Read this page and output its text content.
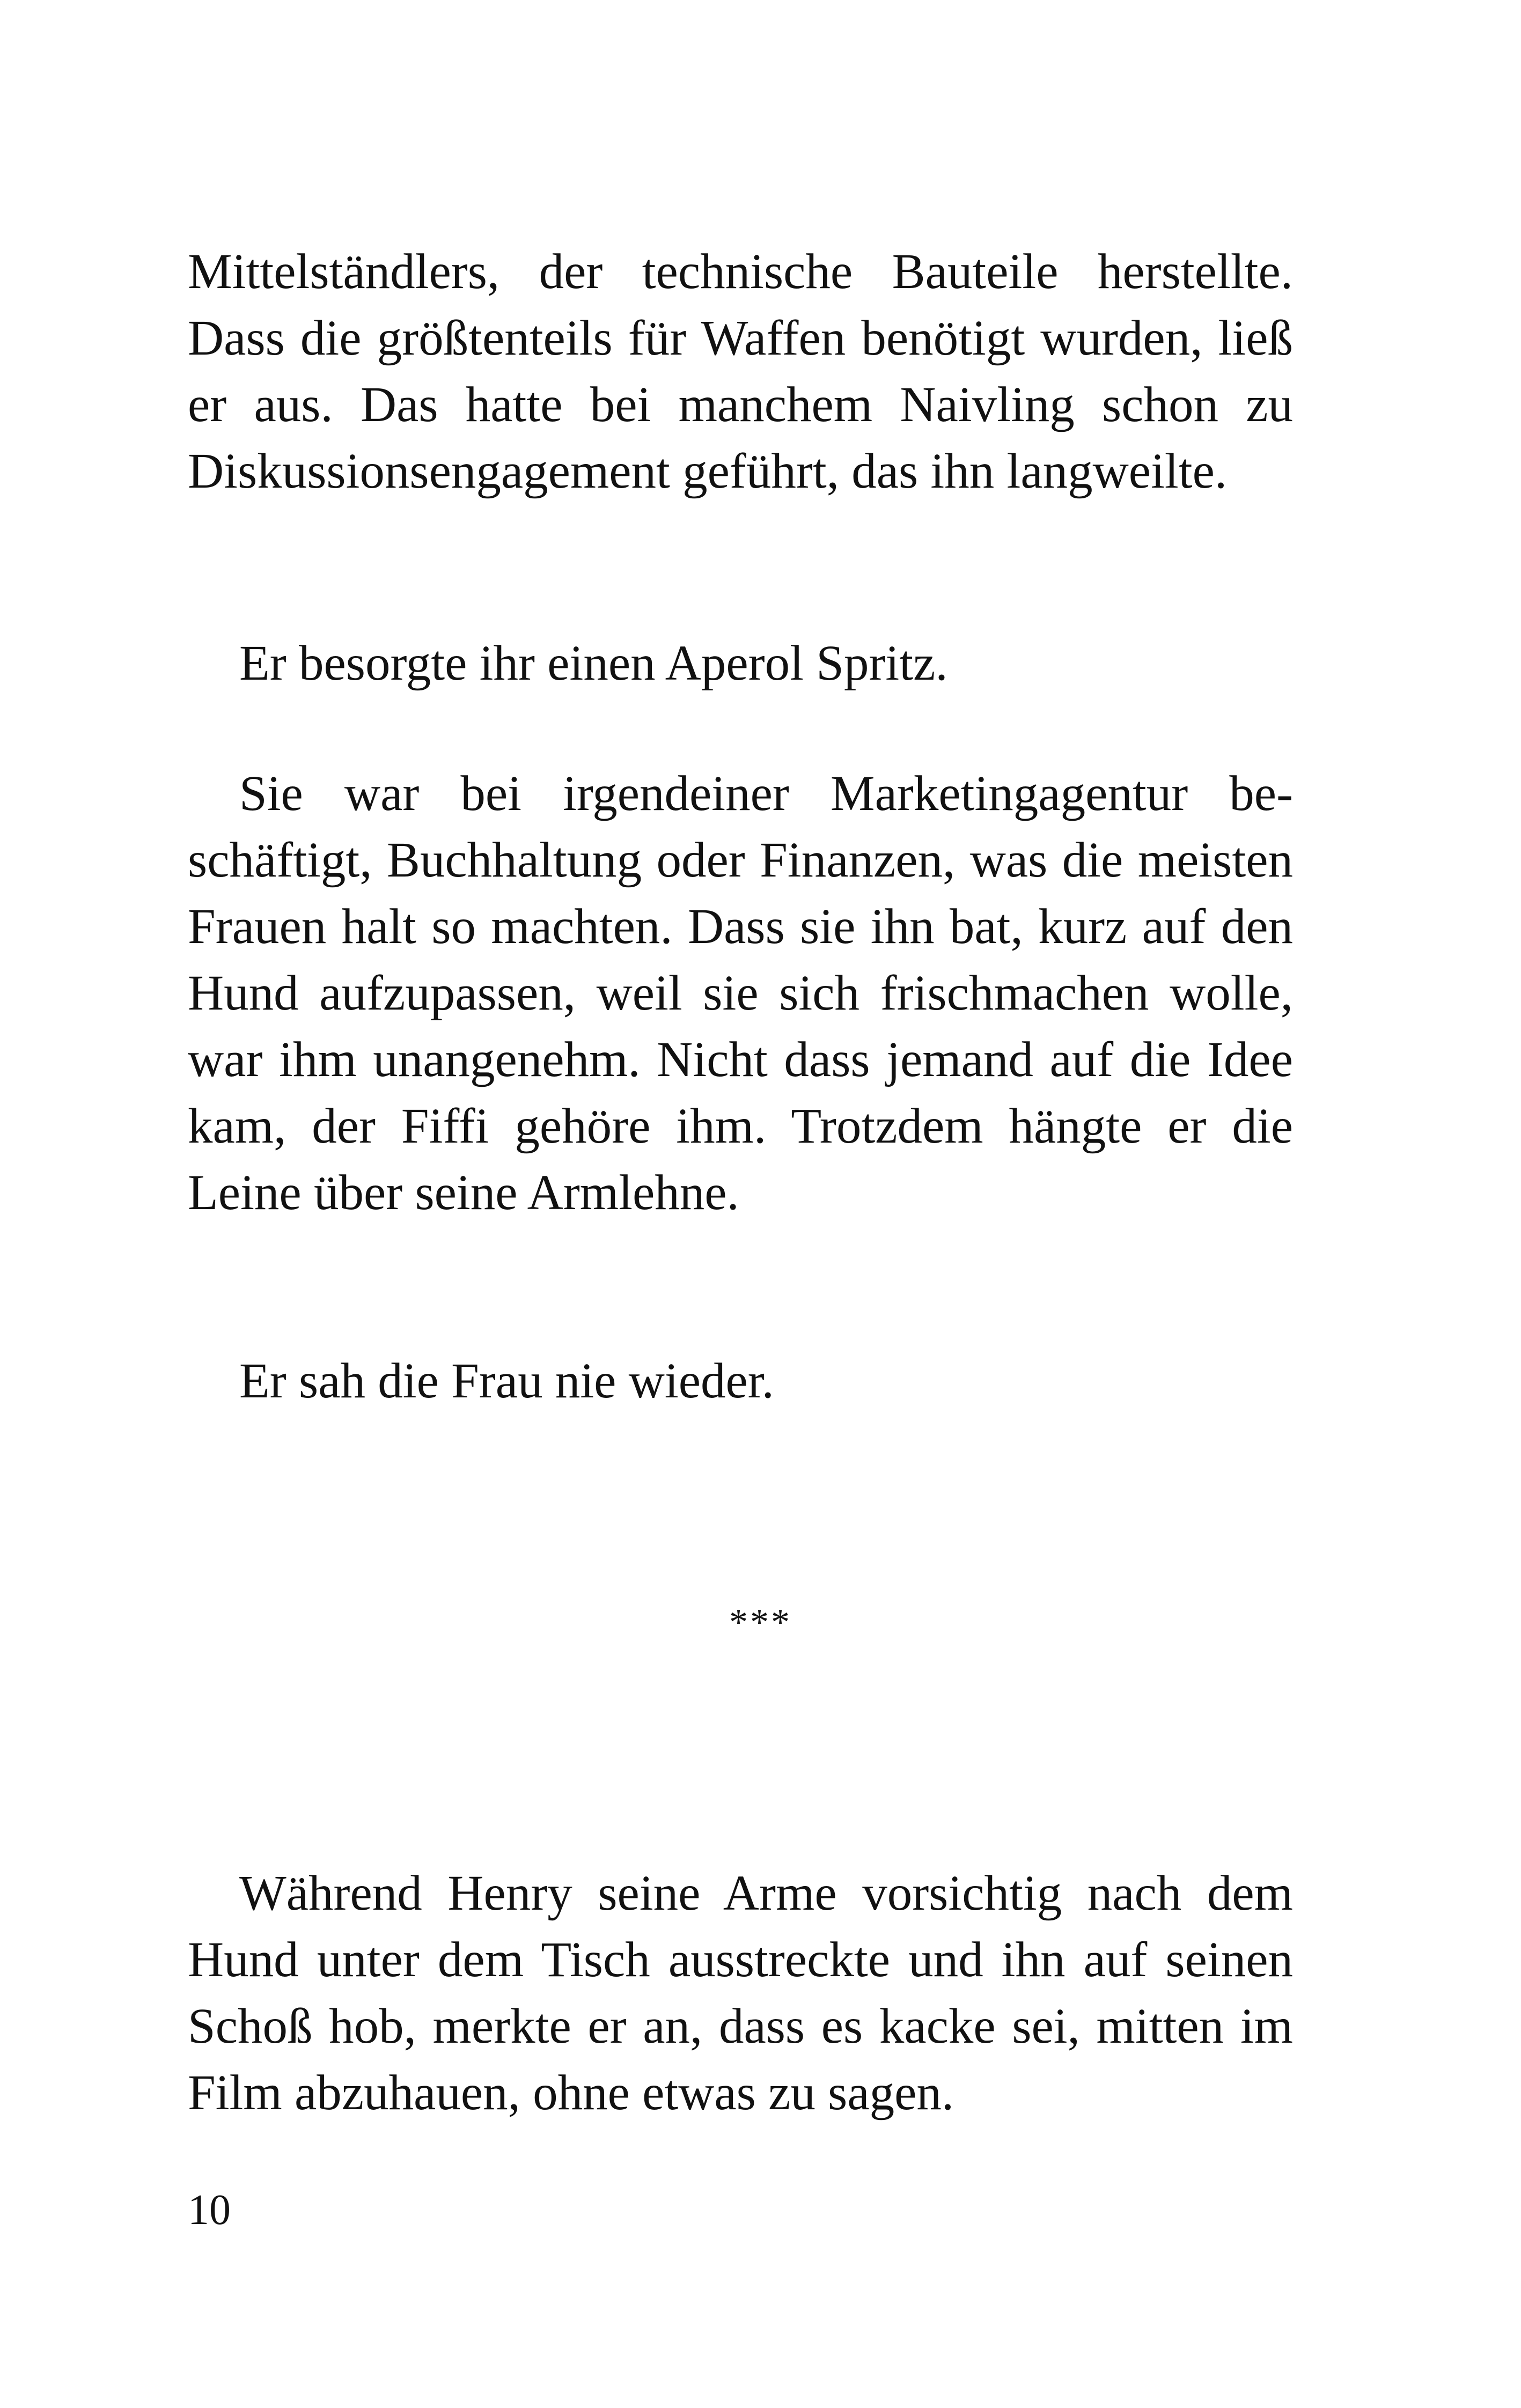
Mittelständlers, der technische Bauteile herstellte. Dass die größtenteils für Waffen benötigt wurden, ließ er aus. Das hatte bei manchem Naivling schon zu Diskussionsengagement geführt, das ihn langweilte.

Er besorgte ihr einen Aperol Spritz.

Sie war bei irgendeiner Marketingagentur beschäftigt, Buchhaltung oder Finanzen, was die meisten Frauen halt so machten. Dass sie ihn bat, kurz auf den Hund aufzupassen, weil sie sich frischmachen wolle, war ihm unangenehm. Nicht dass jemand auf die Idee kam, der Fiffi gehöre ihm. Trotzdem hängte er die Leine über seine Armlehne.

Er sah die Frau nie wieder.

***

Während Henry seine Arme vorsichtig nach dem Hund unter dem Tisch ausstreckte und ihn auf seinen Schoß hob, merkte er an, dass es kacke sei, mitten im Film abzuhauen, ohne etwas zu sagen.

10
